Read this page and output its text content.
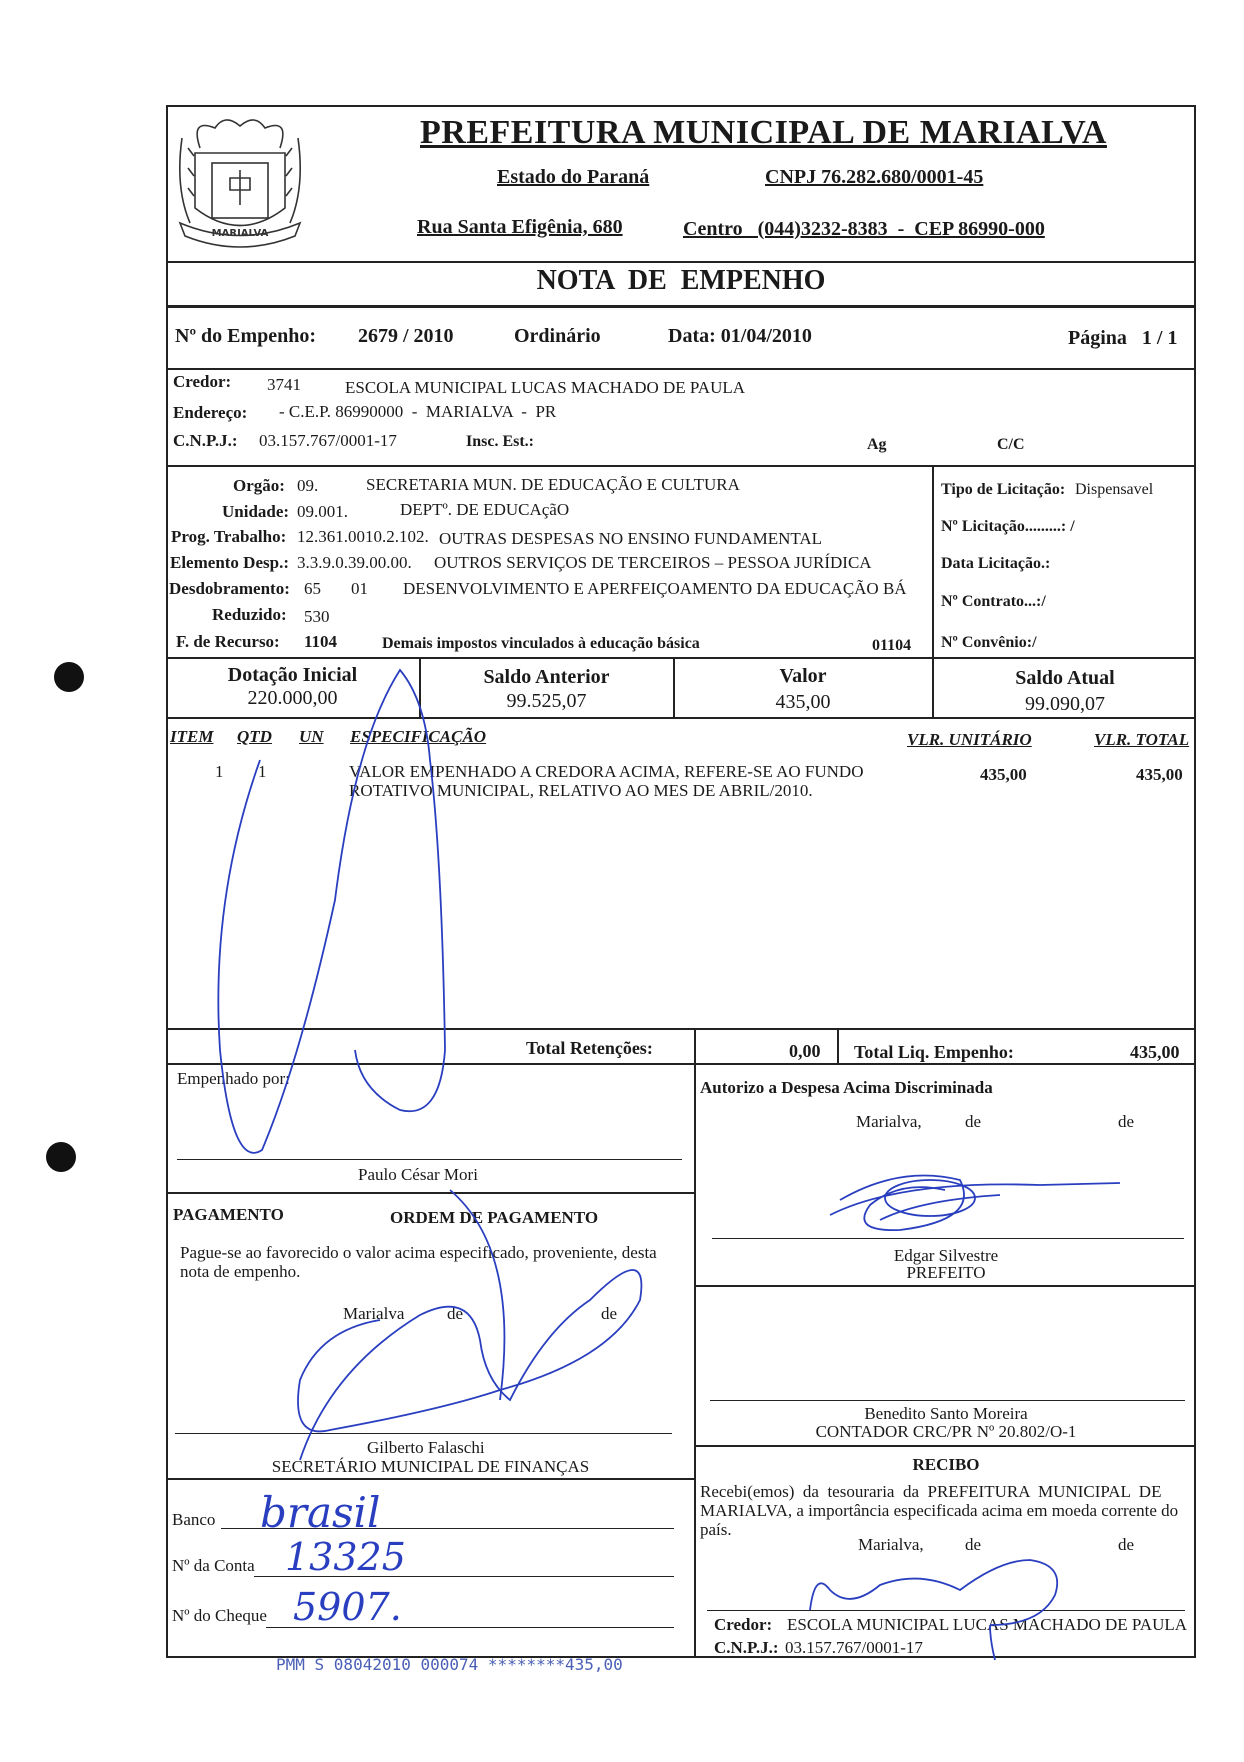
MARIALVA
PREFEITURA MUNICIPAL DE MARIALVA
Estado do Paraná	CNPJ 76.282.680/0001-45
Rua Santa Efigênia, 680	Centro   (044)3232-8383  -  CEP 86990-000
NOTA  DE  EMPENHO
Nº do Empenho: 2679 / 2010	Ordinário	Data: 01/04/2010	Página   1 / 1
Credor: 3741	ESCOLA MUNICIPAL LUCAS MACHADO DE PAULA
Endereço: - C.E.P. 86990000  -  MARIALVA  -  PR
C.N.P.J.: 03.157.767/0001-17	Insc. Est.:	Ag	C/C
Orgão: 09.	SECRETARIA MUN. DE EDUCAÇÃO E CULTURA
Unidade: 09.001.	DEPTº. DE EDUCAçãO
Prog. Trabalho: 12.361.0010.2.102. OUTRAS DESPESAS NO ENSINO FUNDAMENTAL
Elemento Desp.: 3.3.9.0.39.00.00. OUTROS SERVIÇOS DE TERCEIROS – PESSOA JURÍDICA
Desdobramento: 65 01 DESENVOLVIMENTO E APERFEIÇOAMENTO DA EDUCAÇÃO BÁ
Reduzido: 530
F. de Recurso: 1104	Demais impostos vinculados à educação básica	01104
Tipo de Licitação: Dispensavel
Nº Licitação.........: /
Data Licitação.:
Nº Contrato...:/
Nº Convênio:/
Dotação Inicial
220.000,00
Saldo Anterior
99.525,07
Valor
435,00
Saldo Atual
99.090,07
ITEM QTD UN ESPECIFICAÇÃO	VLR. UNITÁRIO	VLR. TOTAL
1 1	VALOR EMPENHADO A CREDORA ACIMA, REFERE-SE AO FUNDO
ROTATIVO MUNICIPAL, RELATIVO AO MES DE ABRIL/2010.
435,00	435,00
Total Retenções:	0,00 Total Liq. Empenho:	435,00
Empenhado por:
Paulo César Mori
Autorizo a Despesa Acima Discriminada
Marialva,	de	de
Edgar Silvestre
PREFEITO
Benedito Santo Moreira
CONTADOR CRC/PR Nº 20.802/O-1
PAGAMENTO	ORDEM DE PAGAMENTO
Pague-se ao favorecido o valor acima especificado, proveniente, desta
nota de empenho.
Marialva	de	de
Gilberto Falaschi
SECRETÁRIO MUNICIPAL DE FINANÇAS
Banco brasil
Nº da Conta 13325
Nº do Cheque 5907.
RECIBO
Recebi(emos)  da  tesouraria  da  PREFEITURA  MUNICIPAL  DE
MARIALVA, a importância especificada acima em moeda corrente do
país.
Marialva, de	de
Credor: ESCOLA MUNICIPAL LUCAS MACHADO DE PAULA
C.N.P.J.: 03.157.767/0001-17
PMM S 08042010 000074 ********435,00
